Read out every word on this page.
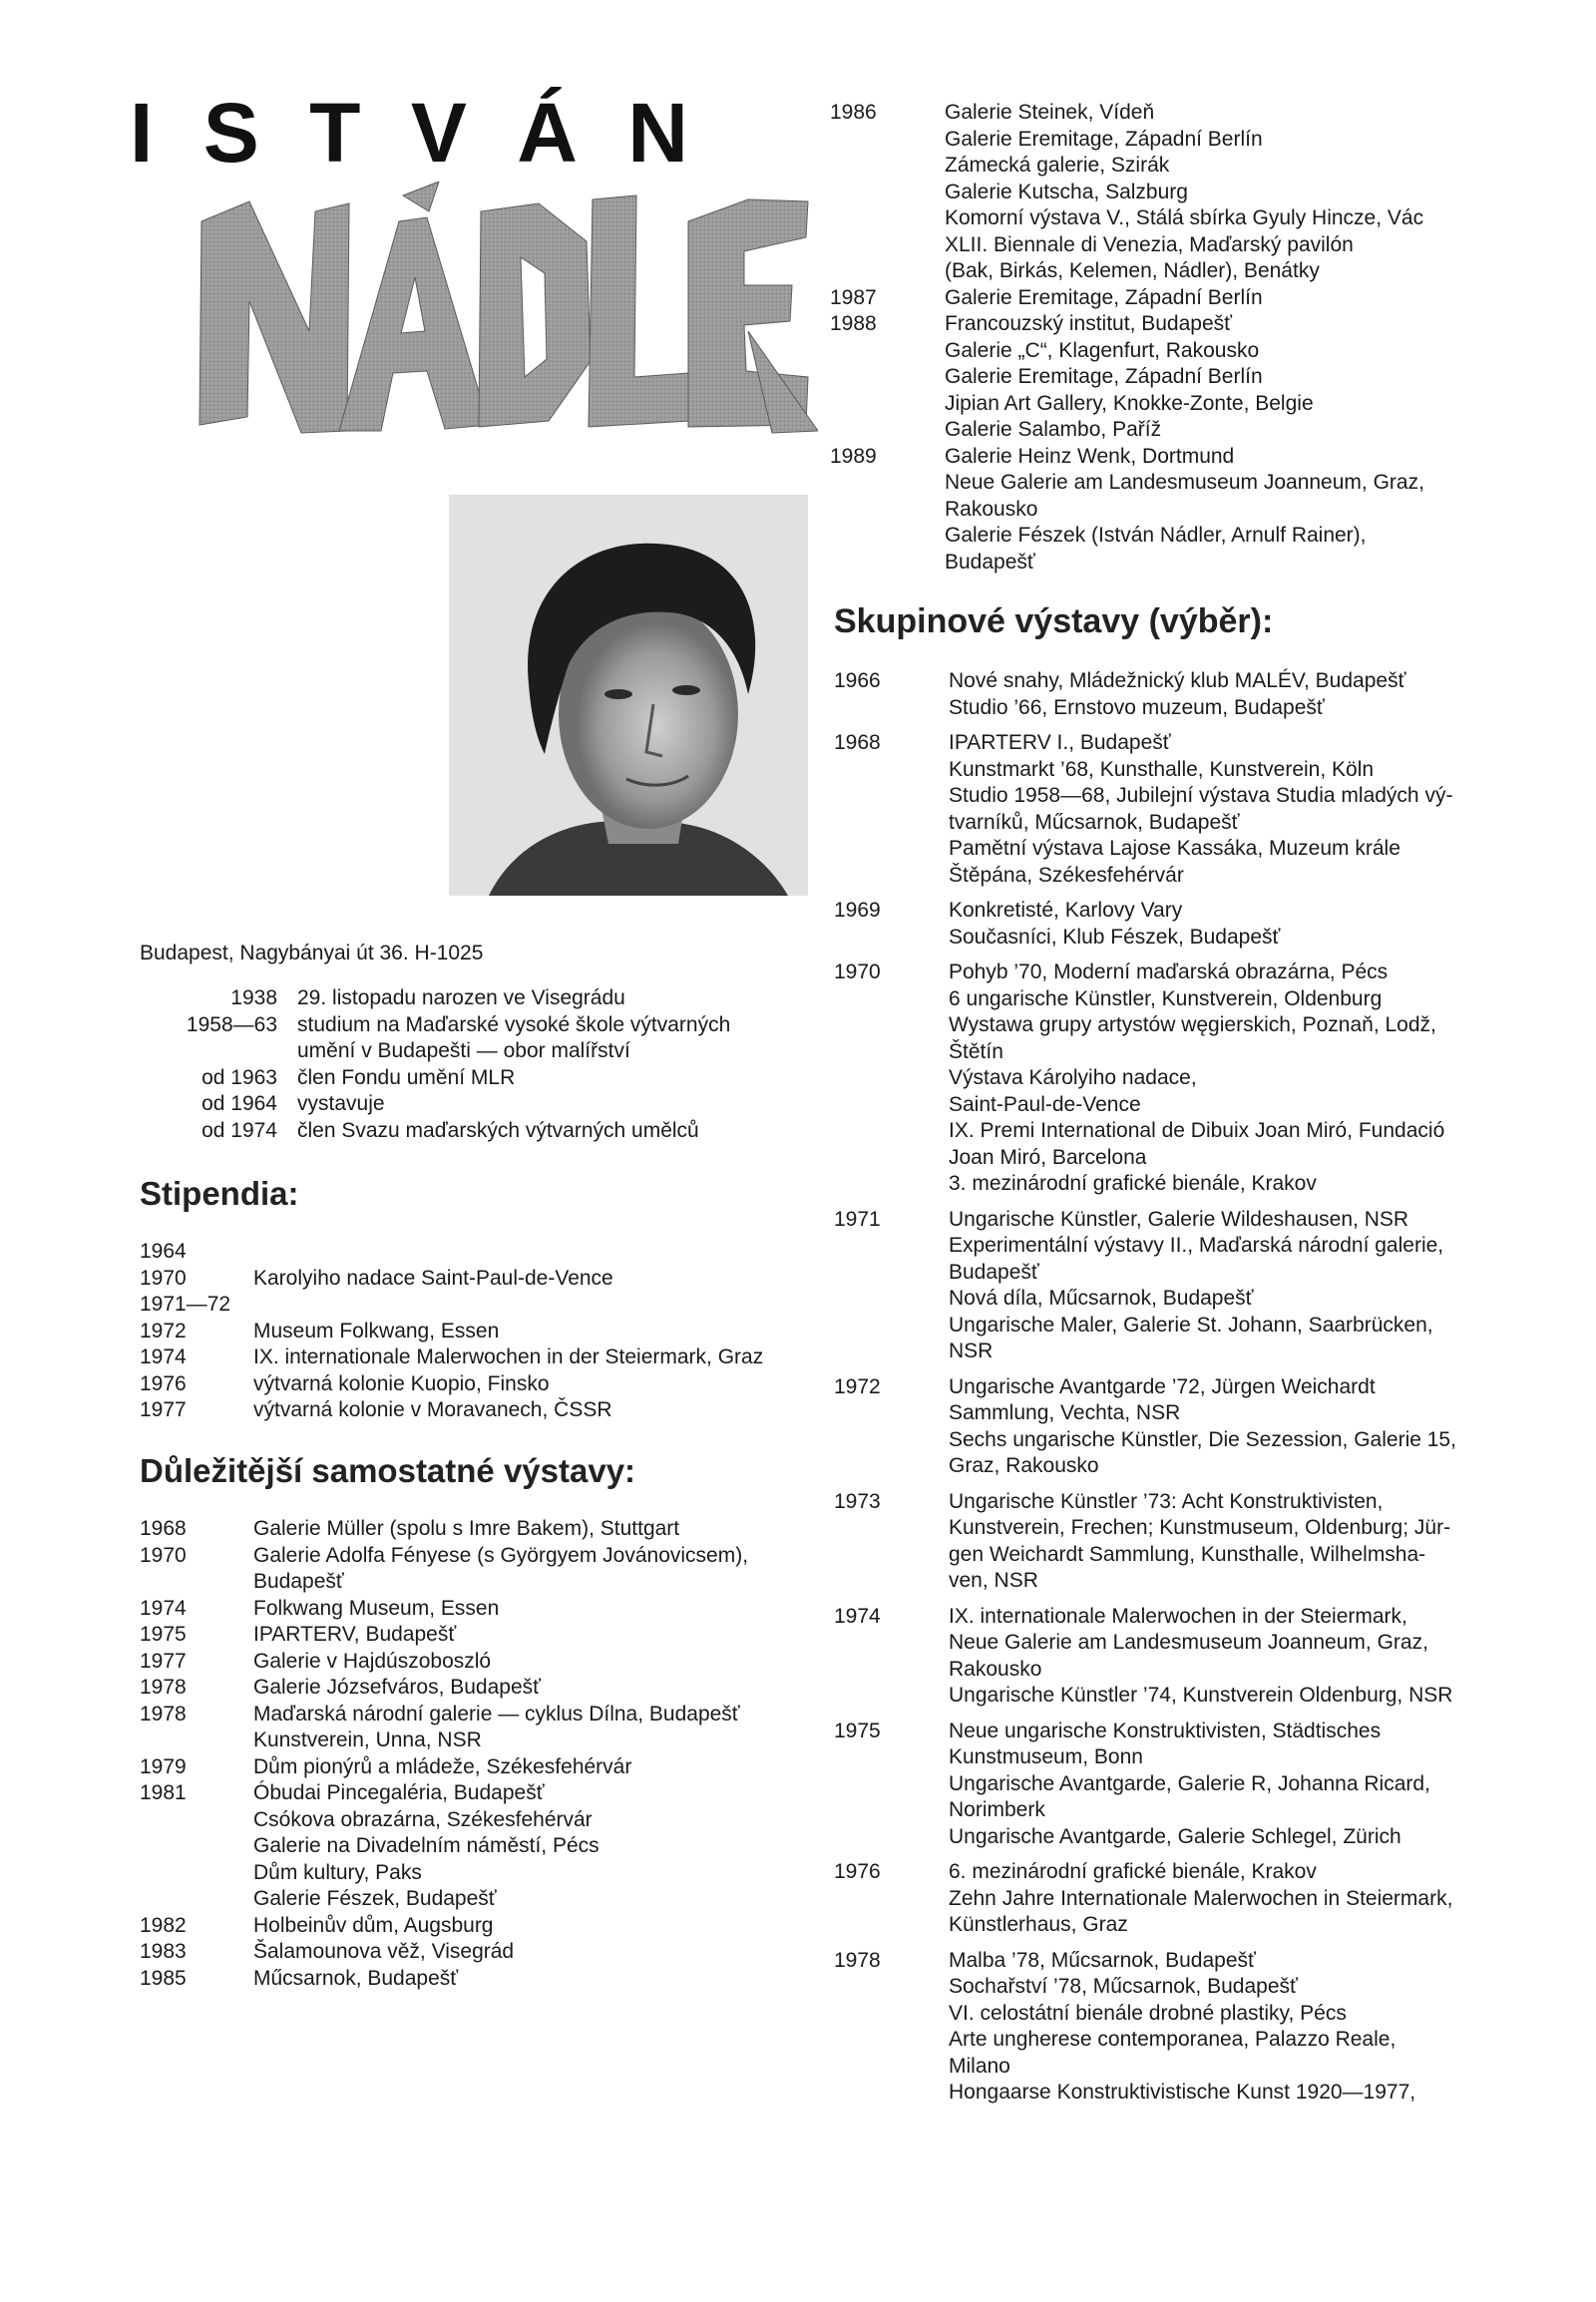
I S T V Á N
Budapest, Nagybányai út 36. H-1025
1938 29. listopadu narozen ve Visegrádu
1958—63 studium na Maďarské vysoké škole výtvarných
umění v Budapešti — obor malířství
od 1963 člen Fondu umění MLR
od 1964 vystavuje
od 1974 člen Svazu maďarských výtvarných umělců
Stipendia:
1964
1970	Karolyiho nadace Saint-Paul-de-Vence
1971—72
1972	Museum Folkwang, Essen
1974	IX. internationale Malerwochen in der Steiermark, Graz
1976	výtvarná kolonie Kuopio, Finsko
1977	výtvarná kolonie v Moravanech, ČSSR
Důležitější samostatné výstavy:
1968	Galerie Müller (spolu s Imre Bakem), Stuttgart
1970	Galerie Adolfa Fényese (s Györgyem Jovánovicsem),
Budapešť
1974	Folkwang Museum, Essen
1975	IPARTERV, Budapešť
1977	Galerie v Hajdúszoboszló
1978	Galerie Józsefváros, Budapešť
1978	Maďarská národní galerie — cyklus Dílna, Budapešť
Kunstverein, Unna, NSR
1979	Dům pionýrů a mládeže, Székesfehérvár
1981	Óbudai Pincegaléria, Budapešť
Csókova obrazárna, Székesfehérvár
Galerie na Divadelním náměstí, Pécs
Dům kultury, Paks
Galerie Fészek, Budapešť
1982	Holbeinův dům, Augsburg
1983	Šalamounova věž, Visegrád
1985	Műcsarnok, Budapešť
1986	Galerie Steinek, Vídeň
Galerie Eremitage, Západní Berlín
Zámecká galerie, Szirák
Galerie Kutscha, Salzburg
Komorní výstava V., Stálá sbírka Gyuly Hincze, Vác
XLII. Biennale di Venezia, Maďarský pavilón
(Bak, Birkás, Kelemen, Nádler), Benátky
1987	Galerie Eremitage, Západní Berlín
1988	Francouzský institut, Budapešť
Galerie „C“, Klagenfurt, Rakousko
Galerie Eremitage, Západní Berlín
Jipian Art Gallery, Knokke-Zonte, Belgie
Galerie Salambo, Paříž
1989	Galerie Heinz Wenk, Dortmund
Neue Galerie am Landesmuseum Joanneum, Graz,
Rakousko
Galerie Fészek (István Nádler, Arnulf Rainer),
Budapešť
Skupinové výstavy (výběr):
1966	Nové snahy, Mládežnický klub MALÉV, Budapešť
Studio ’66, Ernstovo muzeum, Budapešť
1968	IPARTERV I., Budapešť
Kunstmarkt ’68, Kunsthalle, Kunstverein, Köln
Studio 1958—68, Jubilejní výstava Studia mladých vý-
tvarníků, Műcsarnok, Budapešť
Pamětní výstava Lajose Kassáka, Muzeum krále
Štěpána, Székesfehérvár
1969	Konkretisté, Karlovy Vary
Současníci, Klub Fészek, Budapešť
1970	Pohyb ’70, Moderní maďarská obrazárna, Pécs
6 ungarische Künstler, Kunstverein, Oldenburg
Wystawa grupy artystów węgierskich, Poznaň, Lodž,
Štětín
Výstava Károlyiho nadace,
Saint-Paul-de-Vence
IX. Premi International de Dibuix Joan Miró, Fundació
Joan Miró, Barcelona
3. mezinárodní grafické bienále, Krakov
1971	Ungarische Künstler, Galerie Wildeshausen, NSR
Experimentální výstavy II., Maďarská národní galerie,
Budapešť
Nová díla, Műcsarnok, Budapešť
Ungarische Maler, Galerie St. Johann, Saarbrücken,
NSR
1972	Ungarische Avantgarde ’72, Jürgen Weichardt
Sammlung, Vechta, NSR
Sechs ungarische Künstler, Die Sezession, Galerie 15,
Graz, Rakousko
1973	Ungarische Künstler ’73: Acht Konstruktivisten,
Kunstverein, Frechen; Kunstmuseum, Oldenburg; Jür-
gen Weichardt Sammlung, Kunsthalle, Wilhelmsha-
ven, NSR
1974	IX. internationale Malerwochen in der Steiermark,
Neue Galerie am Landesmuseum Joanneum, Graz,
Rakousko
Ungarische Künstler ’74, Kunstverein Oldenburg, NSR
1975	Neue ungarische Konstruktivisten, Städtisches
Kunstmuseum, Bonn
Ungarische Avantgarde, Galerie R, Johanna Ricard,
Norimberk
Ungarische Avantgarde, Galerie Schlegel, Zürich
1976	6. mezinárodní grafické bienále, Krakov
Zehn Jahre Internationale Malerwochen in Steiermark,
Künstlerhaus, Graz
1978	Malba ’78, Műcsarnok, Budapešť
Sochařství ’78, Műcsarnok, Budapešť
VI. celostátní bienále drobné plastiky, Pécs
Arte ungherese contemporanea, Palazzo Reale,
Milano
Hongaarse Konstruktivistische Kunst 1920—1977,
